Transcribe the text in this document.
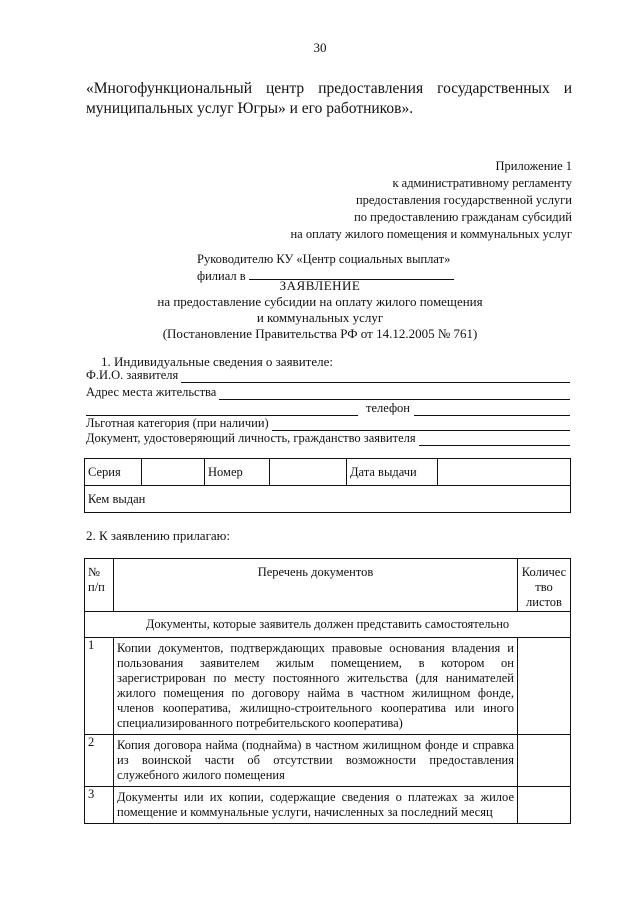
30
«Многофункциональный центр предоставления государственных и
муниципальных услуг Югры» и его работников».
Приложение 1
к административному регламенту
предоставления государственной услуги
по предоставлению гражданам субсидий
на оплату жилого помещения и коммунальных услуг
Руководителю КУ «Центр социальных выплат»
филиал в
ЗАЯВЛЕНИЕ
на предоставление субсидии на оплату жилого помещения
и коммунальных услуг
(Постановление Правительства РФ от 14.12.2005 № 761)
1. Индивидуальные сведения о заявителе:
Ф.И.О. заявителя
Адрес места жительства
телефон
Льготная категория (при наличии)
Документ, удостоверяющий личность, гражданство заявителя
Серия		Номер		Дата выдачи	
Кем выдан
2. К заявлению прилагаю:
№ п/п	Перечень документов	Количес тво листов
Документы, которые заявитель должен представить самостоятельно		
1	Копии документов, подтверждающих правовые основания владения и пользования заявителем жилым помещением, в котором он зарегистрирован по месту постоянного жительства (для нанимателей жилого помещения по договору найма в частном жилищном фонде, членов кооператива, жилищно-строительного кооператива или иного специализированного потребительского кооператива)	
2	Копия договора найма (поднайма) в частном жилищном фонде и справка из воинской части об отсутствии возможности предоставления служебного жилого помещения	
3	Документы или их копии, содержащие сведения о платежах за жилое помещение и коммунальные услуги, начисленных за последний месяц	
